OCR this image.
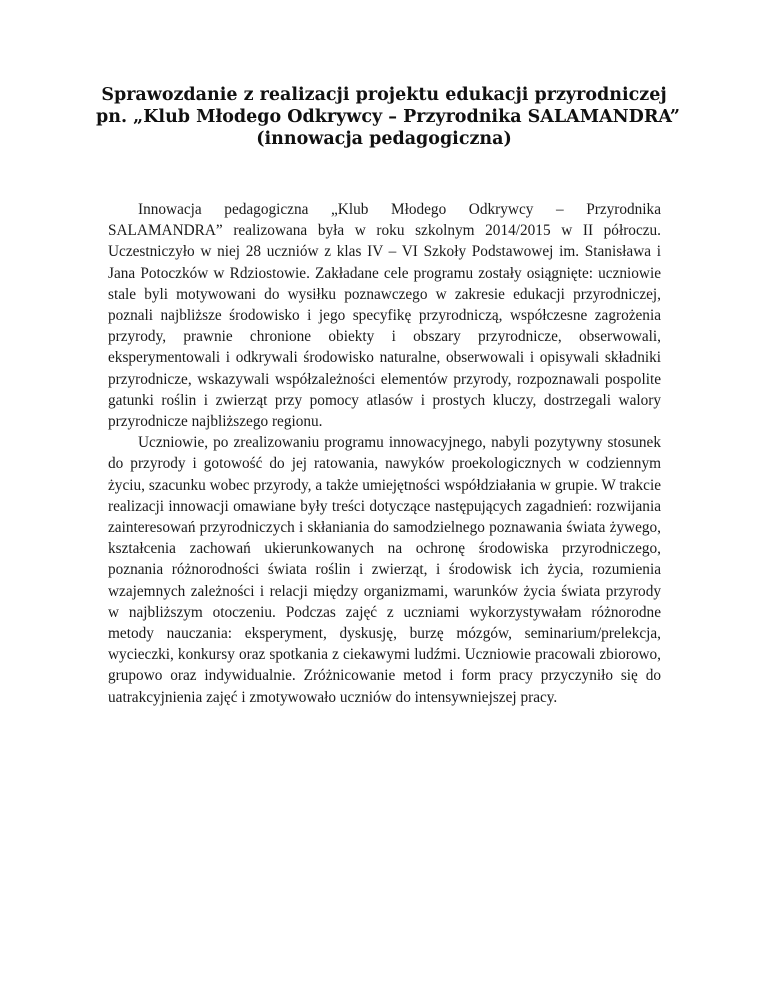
Sprawozdanie z realizacji projektu edukacji przyrodniczej
pn. „Klub Młodego Odkrywcy – Przyrodnika SALAMANDRA”
(innowacja pedagogiczna)

Innowacja pedagogiczna „Klub Młodego Odkrywcy – Przyrodnika SALAMANDRA” realizowana była w roku szkolnym 2014/2015 w II półroczu. Uczestniczyło w niej 28 uczniów z klas IV – VI Szkoły Podstawowej im. Stanisława i Jana Potoczków w Rdziostowie. Zakładane cele programu zostały osiągnięte: uczniowie stale byli motywowani do wysiłku poznawczego w zakresie edukacji przyrodniczej, poznali najbliższe środowisko i jego specyfikę przyrodniczą, współczesne zagrożenia przyrody, prawnie chronione obiekty i obszary przyrodnicze, obserwowali, eksperymentowali i odkrywali środowisko naturalne, obserwowali i opisywali składniki przyrodnicze, wskazywali współzależności elementów przyrody, rozpoznawali pospolite gatunki roślin i zwierząt przy pomocy atlasów i prostych kluczy, dostrzegali walory przyrodnicze najbliższego regionu.

Uczniowie, po zrealizowaniu programu innowacyjnego, nabyli pozytywny stosunek do przyrody i gotowość do jej ratowania, nawyków proekologicznych w codziennym życiu, szacunku wobec przyrody, a także umiejętności współdziałania w grupie. W trakcie realizacji innowacji omawiane były treści dotyczące następujących zagadnień: rozwijania zainteresowań przyrodniczych i skłaniania do samodzielnego poznawania świata żywego, kształcenia zachowań ukierunkowanych na ochronę środowiska przyrodniczego, poznania różnorodności świata roślin i zwierząt, i środowisk ich życia, rozumienia wzajemnych zależności i relacji między organizmami, warunków życia świata przyrody w najbliższym otoczeniu. Podczas zajęć z uczniami wykorzystywałam różnorodne metody nauczania: eksperyment, dyskusję, burzę mózgów, seminarium/prelekcja, wycieczki, konkursy oraz spotkania z ciekawymi ludźmi. Uczniowie pracowali zbiorowo, grupowo oraz indywidualnie. Zróżnicowanie metod i form pracy przyczyniło się do uatrakcyjnienia zajęć i zmotywowało uczniów do intensywniejszej pracy.
